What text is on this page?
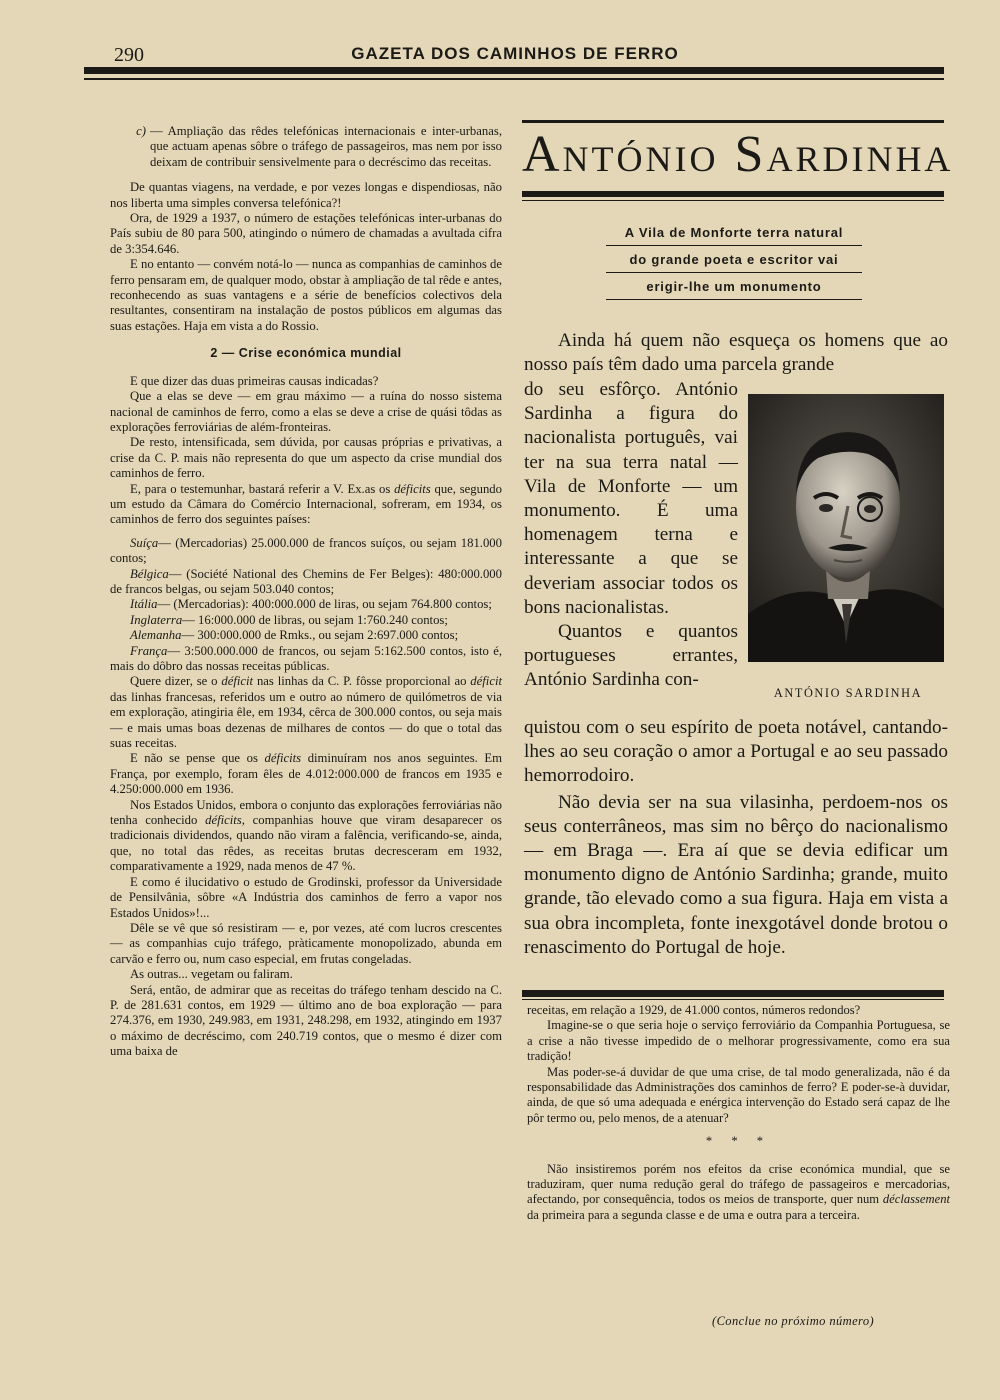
290	GAZETA DOS CAMINHOS DE FERRO

c) — Ampliação das rêdes telefónicas internacionais e inter-urbanas, que actuam apenas sôbre o tráfego de passageiros, mas nem por isso deixam de contribuir sensivelmente para o decréscimo das receitas.

De quantas viagens, na verdade, e por vezes longas e dispendiosas, não nos liberta uma simples conversa telefónica?!

Ora, de 1929 a 1937, o número de estações telefónicas inter-urbanas do País subiu de 80 para 500, atingindo o número de chamadas a avultada cifra de 3:354.646.

E no entanto — convém notá-lo — nunca as companhias de caminhos de ferro pensaram em, de qualquer modo, obstar à ampliação de tal rêde e antes, reconhecendo as suas vantagens e a série de benefícios colectivos dela resultantes, consentiram na instalação de postos públicos em algumas das suas estações. Haja em vista a do Rossio.

2 — Crise económica mundial

E que dizer das duas primeiras causas indicadas?

Que a elas se deve — em grau máximo — a ruína do nosso sistema nacional de caminhos de ferro, como a elas se deve a crise de quási tôdas as explorações ferroviárias de além-fronteiras.

De resto, intensificada, sem dúvida, por causas próprias e privativas, a crise da C. P. mais não representa do que um aspecto da crise mundial dos caminhos de ferro.

E, para o testemunhar, bastará referir a V. Ex.as os déficits que, segundo um estudo da Câmara do Comércio Internacional, sofreram, em 1934, os caminhos de ferro dos seguintes países:

Suíça— (Mercadorias) 25.000.000 de francos suíços, ou sejam 181.000 contos;

Bélgica— (Société National des Chemins de Fer Belges): 480:000.000 de francos belgas, ou sejam 503.040 contos;

Itália— (Mercadorias): 400:000.000 de liras, ou sejam 764.800 contos;

Inglaterra— 16:000.000 de libras, ou sejam 1:760.240 contos;

Alemanha— 300:000.000 de Rmks., ou sejam 2:697.000 contos;

França— 3:500.000.000 de francos, ou sejam 5:162.500 contos, isto é, mais do dôbro das nossas receitas públicas.

Quere dizer, se o déficit nas linhas da C. P. fôsse proporcional ao déficit das linhas francesas, referidos um e outro ao número de quilómetros de via em exploração, atingiria êle, em 1934, cêrca de 300.000 contos, ou seja mais — e mais umas boas dezenas de milhares de contos — do que o total das suas receitas.

E não se pense que os déficits diminuíram nos anos seguintes. Em França, por exemplo, foram êles de 4.012:000.000 de francos em 1935 e 4.250:000.000 em 1936.

Nos Estados Unidos, embora o conjunto das explorações ferroviárias não tenha conhecido déficits, companhias houve que viram desaparecer os tradicionais dividendos, quando não viram a falência, verificando-se, ainda, que, no total das rêdes, as receitas brutas decresceram em 1932, comparativamente a 1929, nada menos de 47 %.

E como é ilucidativo o estudo de Grodinski, professor da Universidade de Pensilvânia, sôbre «A Indústria dos caminhos de ferro a vapor nos Estados Unidos»!...

Dêle se vê que só resistiram — e, por vezes, até com lucros crescentes — as companhias cujo tráfego, pràticamente monopolizado, abunda em carvão e ferro ou, num caso especial, em frutas congeladas.

As outras... vegetam ou faliram.

Será, então, de admirar que as receitas do tráfego tenham descido na C. P. de 281.631 contos, em 1929 — último ano de boa exploração — para 274.376, em 1930, 249.983, em 1931, 248.298, em 1932, atingindo em 1937 o máximo de decréscimo, com 240.719 contos, que o mesmo é dizer com uma baixa de

António Sardinha
A Vila de Monforte terra natural
do grande poeta e escritor vai
erigir-lhe um monumento

Ainda há quem não esqueça os homens que ao nosso país têm dado uma parcela grande

do seu esfôrço. António Sardinha a figura do nacionalista português, vai ter na sua terra natal — Vila de Monforte — um monumento. É uma homenagem terna e interessante a que se deveriam associar todos os bons nacionalistas.

Quantos e quantos portugueses errantes, António Sardinha con-

ANTÓNIO SARDINHA

quistou com o seu espírito de poeta notável, cantando-lhes ao seu coração o amor a Portugal e ao seu passado hemorrodoiro.

Não devia ser na sua vilasinha, perdoem-nos os seus conterrâneos, mas sim no bêrço do nacionalismo — em Braga —. Era aí que se devia edificar um monumento digno de António Sardinha; grande, muito grande, tão elevado como a sua figura. Haja em vista a sua obra incompleta, fonte inexgotável donde brotou o renascimento do Portugal de hoje.

receitas, em relação a 1929, de 41.000 contos, números redondos?

Imagine-se o que seria hoje o serviço ferroviário da Companhia Portuguesa, se a crise a não tivesse impedido de o melhorar progressivamente, como era sua tradição!

Mas poder-se-á duvidar de que uma crise, de tal modo generalizada, não é da responsabilidade das Administrações dos caminhos de ferro? E poder-se-à duvidar, ainda, de que só uma adequada e enérgica intervenção do Estado será capaz de lhe pôr termo ou, pelo menos, de a atenuar?

* * *

Não insistiremos porém nos efeitos da crise económica mundial, que se traduziram, quer numa redução geral do tráfego de passageiros e mercadorias, afectando, por consequência, todos os meios de transporte, quer num déclassement da primeira para a segunda classe e de uma e outra para a terceira.

(Conclue no próximo número)
